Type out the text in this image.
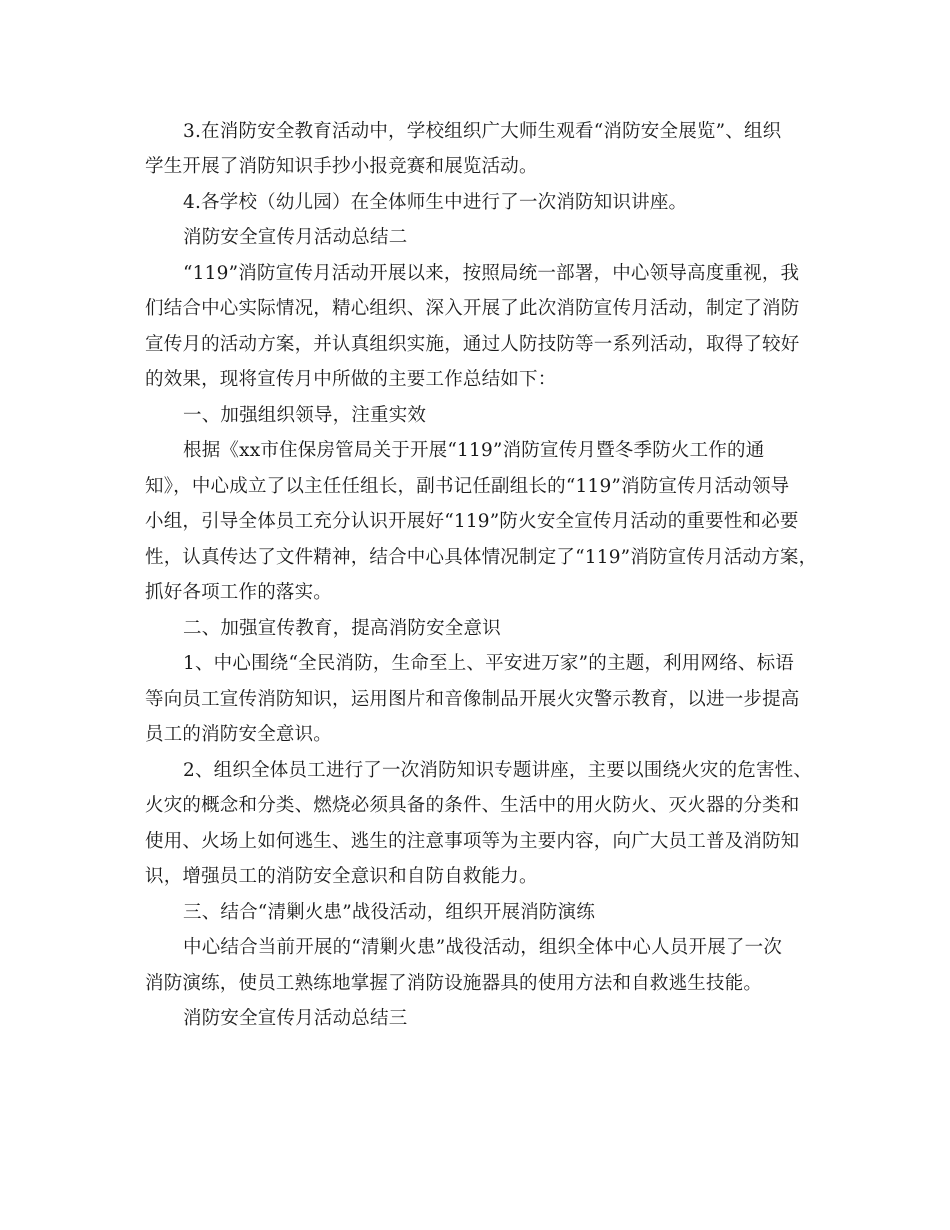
3.在消防安全教育活动中，学校组织广大师生观看“消防安全展览”、组织
学生开展了消防知识手抄小报竞赛和展览活动。
4.各学校（幼儿园）在全体师生中进行了一次消防知识讲座。
消防安全宣传月活动总结二
“119”消防宣传月活动开展以来，按照局统一部署，中心领导高度重视，我
们结合中心实际情况，精心组织、深入开展了此次消防宣传月活动，制定了消防
宣传月的活动方案，并认真组织实施，通过人防技防等一系列活动，取得了较好
的效果，现将宣传月中所做的主要工作总结如下：
一、加强组织领导，注重实效
根据《xx市住保房管局关于开展“119”消防宣传月暨冬季防火工作的通
知》，中心成立了以主任任组长，副书记任副组长的“119”消防宣传月活动领导
小组，引导全体员工充分认识开展好“119”防火安全宣传月活动的重要性和必要
性，认真传达了文件精神，结合中心具体情况制定了“119”消防宣传月活动方案，
抓好各项工作的落实。
二、加强宣传教育，提高消防安全意识
1、中心围绕“全民消防，生命至上、平安进万家”的主题，利用网络、标语
等向员工宣传消防知识，运用图片和音像制品开展火灾警示教育，以进一步提高
员工的消防安全意识。
2、组织全体员工进行了一次消防知识专题讲座，主要以围绕火灾的危害性、
火灾的概念和分类、燃烧必须具备的条件、生活中的用火防火、灭火器的分类和
使用、火场上如何逃生、逃生的注意事项等为主要内容，向广大员工普及消防知
识，增强员工的消防安全意识和自防自救能力。
三、结合“清剿火患”战役活动，组织开展消防演练
中心结合当前开展的“清剿火患”战役活动，组织全体中心人员开展了一次
消防演练，使员工熟练地掌握了消防设施器具的使用方法和自救逃生技能。
消防安全宣传月活动总结三
